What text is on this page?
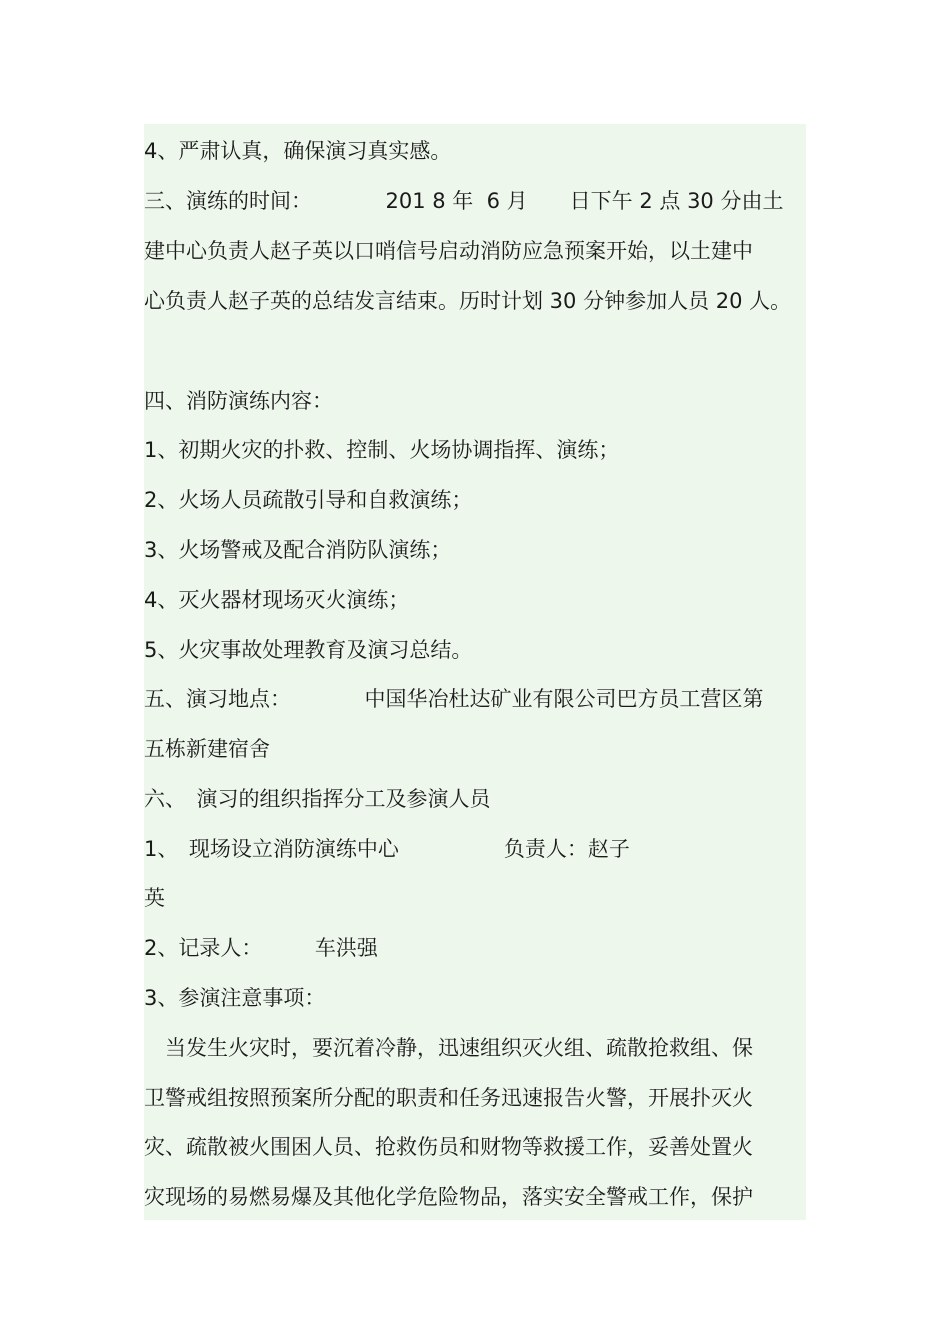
4、严肃认真，确保演习真实感。
三、演练的时间：　　　　201 8 年  6 月　　日下午 2 点 30 分由土
建中心负责人赵子英以口哨信号启动消防应急预案开始，以土建中
心负责人赵子英的总结发言结束。历时计划 30 分钟参加人员 20 人。
四、消防演练内容：
1、初期火灾的扑救、控制、火场协调指挥、演练；
2、火场人员疏散引导和自救演练；
3、火场警戒及配合消防队演练；
4、灭火器材现场灭火演练；
5、火灾事故处理教育及演习总结。
五、演习地点：　　　　中国华冶杜达矿业有限公司巴方员工营区第
五栋新建宿舍
六、　演习的组织指挥分工及参演人员
1、　现场设立消防演练中心　　　　　负责人：赵子
英
2、记录人：　　　车洪强
3、参演注意事项：
　当发生火灾时，要沉着冷静，迅速组织灭火组、疏散抢救组、保
卫警戒组按照预案所分配的职责和任务迅速报告火警，开展扑灭火
灾、疏散被火围困人员、抢救伤员和财物等救援工作，妥善处置火
灾现场的易燃易爆及其他化学危险物品，落实安全警戒工作，保护
